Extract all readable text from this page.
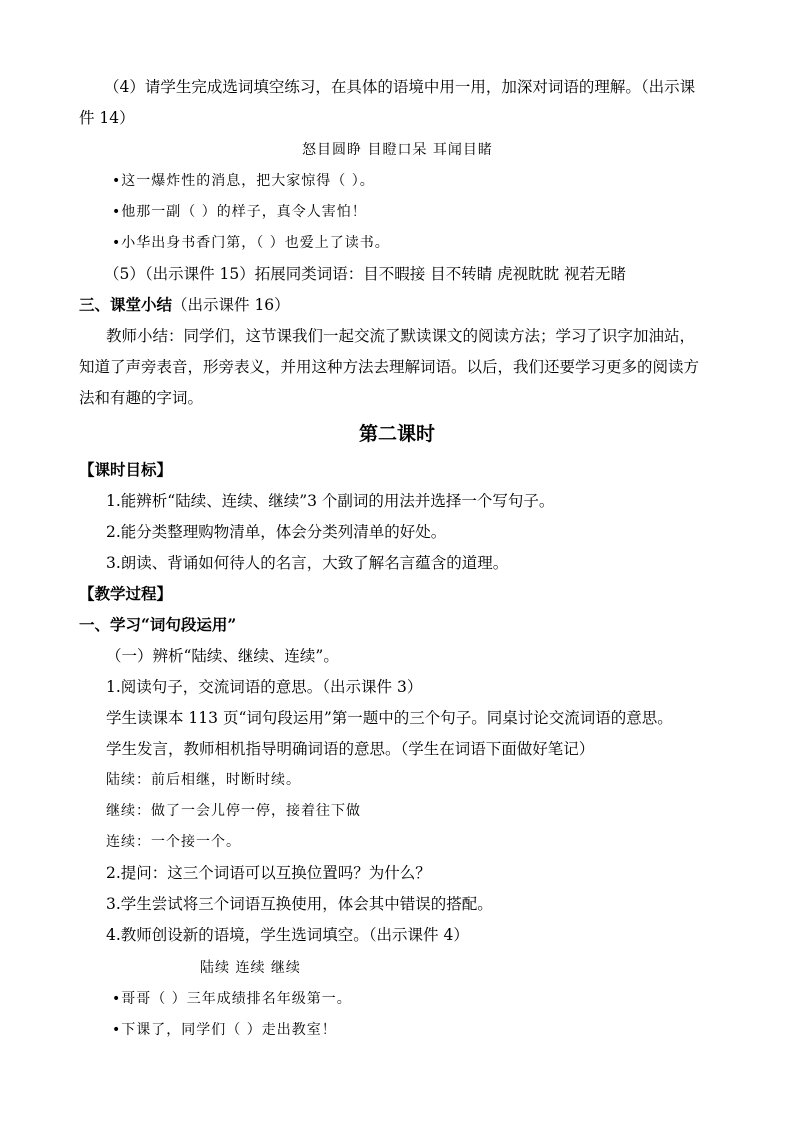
（4）请学生完成选词填空练习，在具体的语境中用一用，加深对词语的理解。（出示课
件 14）
怒目圆睁 目瞪口呆 耳闻目睹
•这一爆炸性的消息，把大家惊得（ ）。
•他那一副（ ）的样子，真令人害怕！
•小华出身书香门第，（ ）也爱上了读书。
（5）（出示课件 15）拓展同类词语：目不暇接 目不转睛 虎视眈眈 视若无睹
三、课堂小结（出示课件 16）
教师小结：同学们，这节课我们一起交流了默读课文的阅读方法；学习了识字加油站，
知道了声旁表音，形旁表义，并用这种方法去理解词语。以后，我们还要学习更多的阅读方
法和有趣的字词。
第二课时
【课时目标】
1.能辨析“陆续、连续、继续”3 个副词的用法并选择一个写句子。
2.能分类整理购物清单，体会分类列清单的好处。
3.朗读、背诵如何待人的名言，大致了解名言蕴含的道理。
【教学过程】
一、学习“词句段运用”
（一）辨析“陆续、继续、连续”。
1.阅读句子，交流词语的意思。（出示课件 3）
学生读课本 113 页“词句段运用”第一题中的三个句子。同桌讨论交流词语的意思。
学生发言，教师相机指导明确词语的意思。（学生在词语下面做好笔记）
陆续：前后相继，时断时续。
继续：做了一会儿停一停，接着往下做
连续：一个接一个。
2.提问：这三个词语可以互换位置吗？为什么？
3.学生尝试将三个词语互换使用，体会其中错误的搭配。
4.教师创设新的语境，学生选词填空。（出示课件 4）
陆续 连续 继续
•哥哥（ ）三年成绩排名年级第一。
•下课了，同学们（ ）走出教室！
